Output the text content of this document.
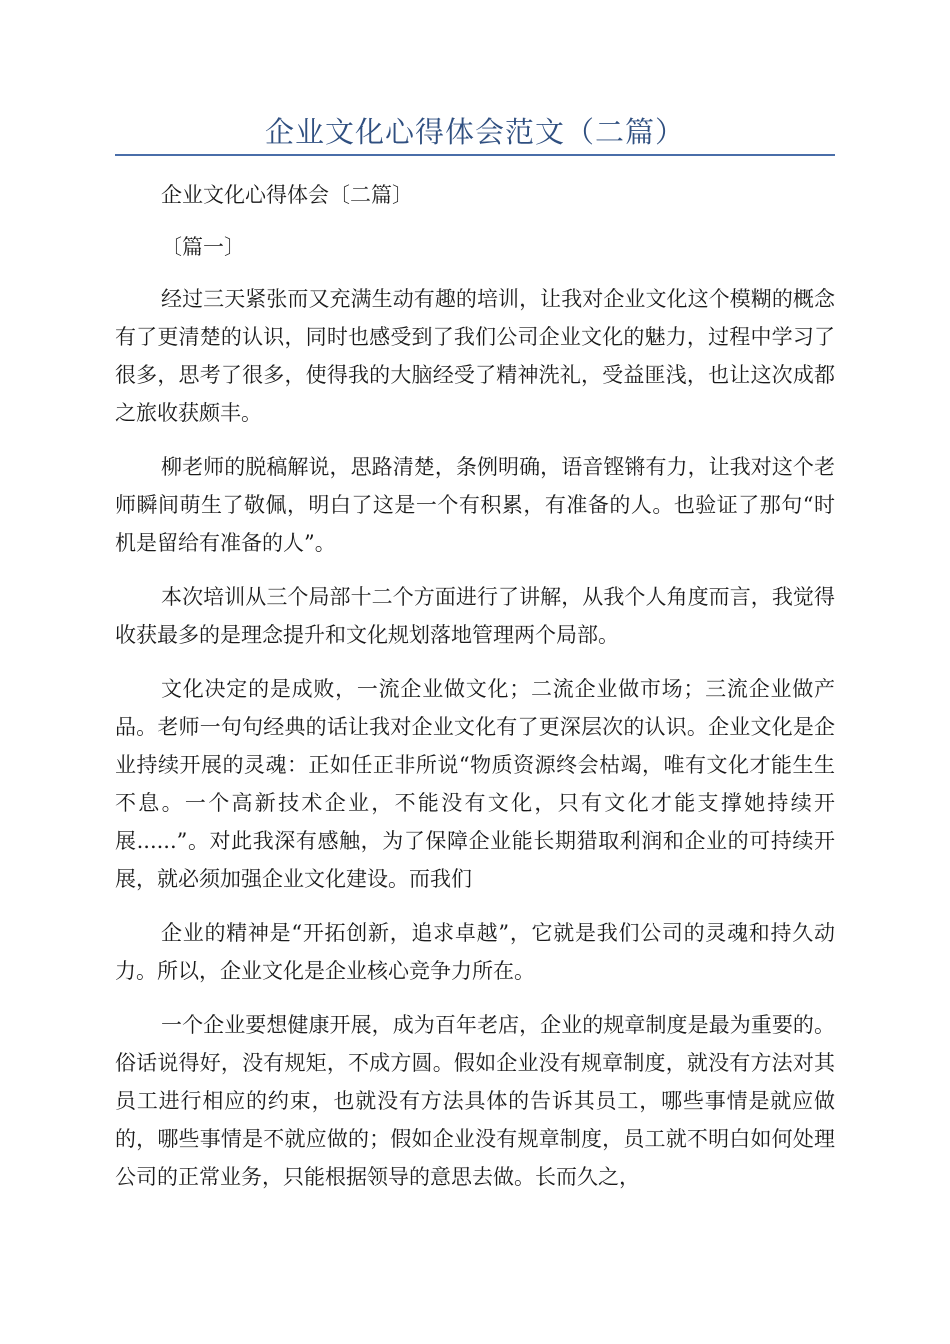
企业文化心得体会范文（二篇）

企业文化心得体会〔二篇〕

〔篇一〕

经过三天紧张而又充满生动有趣的培训，让我对企业文化这个模糊的概念有了更清楚的认识，同时也感受到了我们公司企业文化的魅力，过程中学习了很多，思考了很多，使得我的大脑经受了精神洗礼，受益匪浅，也让这次成都之旅收获颇丰。

柳老师的脱稿解说，思路清楚，条例明确，语音铿锵有力，让我对这个老师瞬间萌生了敬佩，明白了这是一个有积累，有准备的人。也验证了那句“时机是留给有准备的人”。

本次培训从三个局部十二个方面进行了讲解，从我个人角度而言，我觉得收获最多的是理念提升和文化规划落地管理两个局部。

文化决定的是成败，一流企业做文化；二流企业做市场；三流企业做产品。老师一句句经典的话让我对企业文化有了更深层次的认识。企业文化是企业持续开展的灵魂：正如任正非所说“物质资源终会枯竭，唯有文化才能生生不息。一个高新技术企业，不能没有文化，只有文化才能支撑她持续开展......”。对此我深有感触，为了保障企业能长期猎取利润和企业的可持续开展，就必须加强企业文化建设。而我们

企业的精神是“开拓创新，追求卓越”，它就是我们公司的灵魂和持久动力。所以，企业文化是企业核心竞争力所在。

一个企业要想健康开展，成为百年老店，企业的规章制度是最为重要的。俗话说得好，没有规矩，不成方圆。假如企业没有规章制度，就没有方法对其员工进行相应的约束，也就没有方法具体的告诉其员工，哪些事情是就应做的，哪些事情是不就应做的；假如企业没有规章制度，员工就不明白如何处理公司的正常业务，只能根据领导的意思去做。长而久之，
